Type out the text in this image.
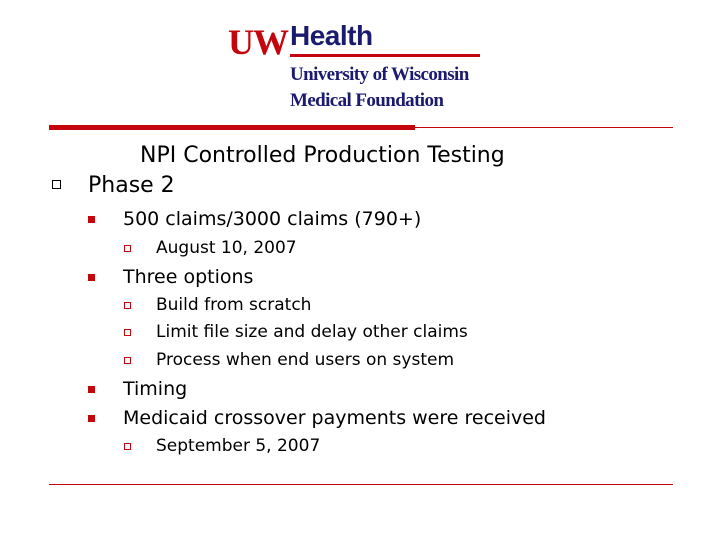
UW Health
University of Wisconsin
Medical Foundation
NPI Controlled Production Testing
Phase 2
500 claims/3000 claims (790+)
August 10, 2007
Three options
Build from scratch
Limit file size and delay other claims
Process when end users on system
Timing
Medicaid crossover payments were received
September 5, 2007
